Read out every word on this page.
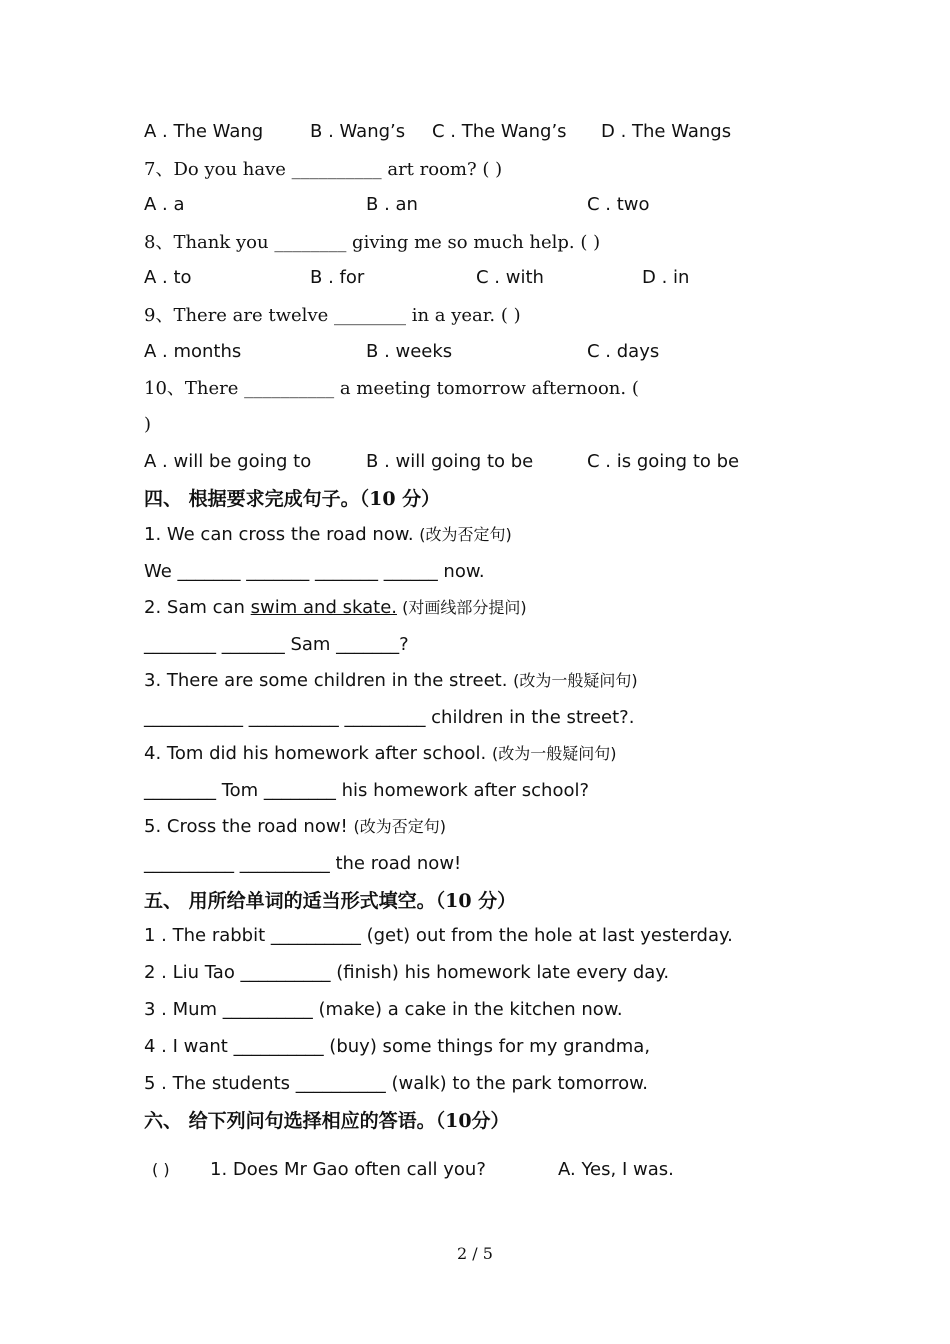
A . The Wang	B . Wang’s C . The Wang’s D . The Wangs
7、Do you have __________ art room? ( )
A . a	B . an	C . two
8、Thank you ________ giving me so much help. ( )
A . to	B . for	C . with	D . in
9、There are twelve ________ in a year. ( )
A . months	B . weeks	C . days
10、There __________ a meeting tomorrow afternoon. (
)
A . will be going to	B . will going to be	C . is going to be
四、 根据要求完成句子。（10 分）
1. We can cross the road now. (改为否定句)
We _______ _______ _______ ______ now.
2. Sam can swim and skate. (对画线部分提问)
________ _______ Sam _______?
3. There are some children in the street. (改为一般疑问句)
___________ __________ _________ children in the street?.
4. Tom did his homework after school. (改为一般疑问句)
________ Tom ________ his homework after school?
5. Cross the road now! (改为否定句)
__________ __________ the road now!
五、 用所给单词的适当形式填空。（10 分）
1 . The rabbit __________ (get) out from the hole at last yesterday.
2 . Liu Tao __________ (finish) his homework late every day.
3 . Mum __________ (make) a cake in the kitchen now.
4 . I want __________ (buy) some things for my grandma,
5 . The students __________ (walk) to the park tomorrow.
六、 给下列问句选择相应的答语。（10分）
( ) 1. Does Mr Gao often call you?	A. Yes, I was.
2 / 5
